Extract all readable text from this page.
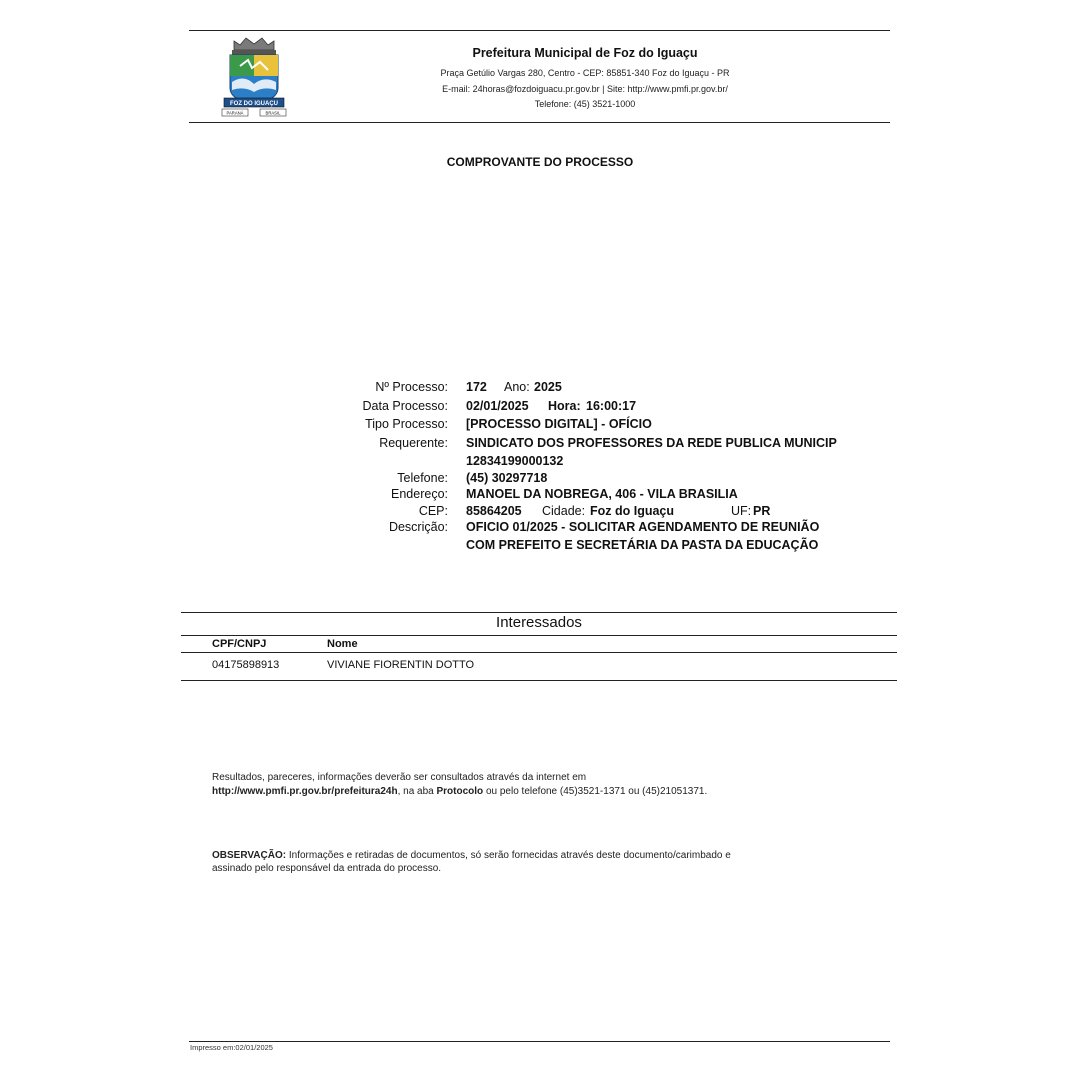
FOZ DO IGUAÇU
PARANÁ	BRASIL
Prefeitura Municipal de Foz do Iguaçu
Praça Getúlio Vargas 280, Centro - CEP: 85851-340 Foz do Iguaçu - PR
E-mail: 24horas@fozdoiguacu.pr.gov.br | Site: http://www.pmfi.pr.gov.br/
Telefone: (45) 3521-1000
COMPROVANTE DO PROCESSO
Nº Processo: 172 Ano: 2025
Data Processo: 02/01/2025 Hora: 16:00:17
Tipo Processo: [PROCESSO DIGITAL] - OFÍCIO
Requerente: SINDICATO DOS PROFESSORES DA REDE PUBLICA MUNICIP
12834199000132
Telefone: (45) 30297718
Endereço: MANOEL DA NOBREGA, 406 - VILA BRASILIA
CEP: 85864205 Cidade: Foz do Iguaçu	UF: PR
Descrição: OFICIO 01/2025 - SOLICITAR AGENDAMENTO DE REUNIÃO
COM PREFEITO E SECRETÁRIA DA PASTA DA EDUCAÇÃO
Interessados
CPF/CNPJ	Nome
04175898913	VIVIANE FIORENTIN DOTTO
Resultados, pareceres, informações deverão ser consultados através da internet em
http://www.pmfi.pr.gov.br/prefeitura24h, na aba Protocolo ou pelo telefone (45)3521-1371 ou (45)21051371.
OBSERVAÇÃO: Informações e retiradas de documentos, só serão fornecidas através deste documento/carimbado e
assinado pelo responsável da entrada do processo.
Impresso em:02/01/2025
